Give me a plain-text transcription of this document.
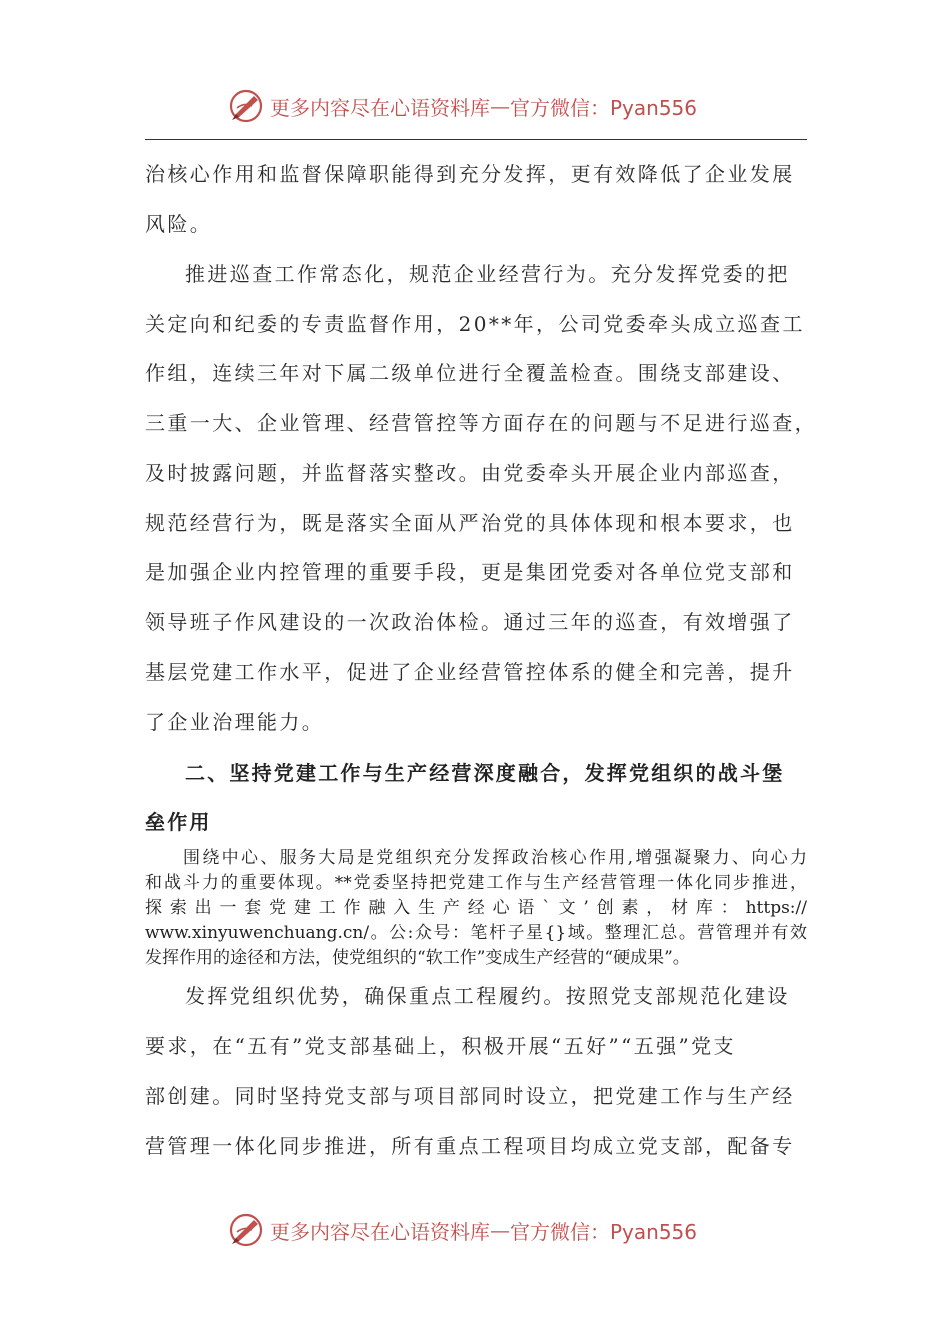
更多内容尽在心语资料库 — 官方微信：Pyan556
治核心作用和监督保障职能得到充分发挥，更有效降低了企业发展
风险。
推进巡查工作常态化，规范企业经营行为。充分发挥党委的把
关定向和纪委的专责监督作用，20**年，公司党委牵头成立巡查工
作组，连续三年对下属二级单位进行全覆盖检查。围绕支部建设、
三重一大、企业管理、经营管控等方面存在的问题与不足进行巡查，
及时披露问题，并监督落实整改。由党委牵头开展企业内部巡查，
规范经营行为，既是落实全面从严治党的具体体现和根本要求，也
是加强企业内控管理的重要手段，更是集团党委对各单位党支部和
领导班子作风建设的一次政治体检。通过三年的巡查，有效增强了
基层党建工作水平，促进了企业经营管控体系的健全和完善，提升
了企业治理能力。
二、坚持党建工作与生产经营深度融合，发挥党组织的战斗堡
垒作用
围绕中心、服务大局是党组织充分发挥政治核心作用,增强凝聚力、向心力
和战斗力的重要体现。**党委坚持把党建工作与生产经营管理一体化同步推进，
探索出一套党建工作融入生产经心语`文’创素，材库：https://
www.xinyuwenchuang.cn/。公:众号：笔杆子星{}域。整理汇总。营管理并有效
发挥作用的途径和方法，使党组织的“软工作”变成生产经营的“硬成果”。
发挥党组织优势，确保重点工程履约。按照党支部规范化建设
要求，在“五有”党支部基础上，积极开展“五好”“五强”党支
部创建。同时坚持党支部与项目部同时设立，把党建工作与生产经
营管理一体化同步推进，所有重点工程项目均成立党支部，配备专
更多内容尽在心语资料库 — 官方微信：Pyan556
